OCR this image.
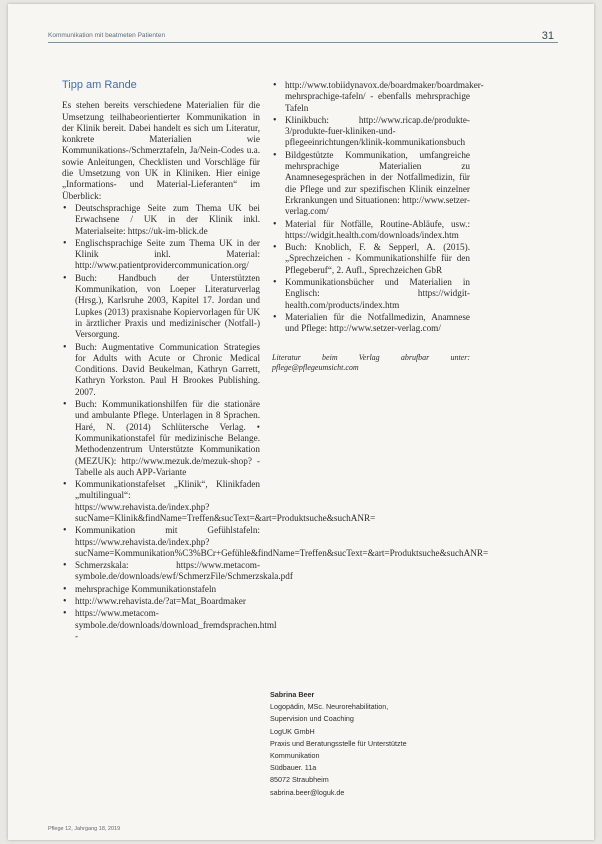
Kommunikation mit beatmeten Patienten	31
Tipp am Rande

Es stehen bereits verschiedene Materialien für die Umsetzung teilhabeorientierter Kommunikation in der Klinik bereit. Dabei handelt es sich um Literatur, konkrete Materialien wie Kommunikations-/Schmerztafeln, Ja/Nein-Codes u.a. sowie Anleitungen, Checklisten und Vorschläge für die Umsetzung von UK in Kliniken. Hier einige „Informations- und Material-Lieferanten“ im Überblick:

• Deutschsprachige Seite zum Thema UK bei Erwachsene / UK in der Klinik inkl. Materialseite: https://uk-im-blick.de
• Englischsprachige Seite zum Thema UK in der Klinik inkl. Material: http://www.patientprovidercommunication.org/
• Buch: Handbuch der Unterstützten Kommunikation, von Loeper Literaturverlag (Hrsg.), Karlsruhe 2003, Kapitel 17. Jordan und Lupkes (2013) praxisnahe Kopiervorlagen für UK in ärztlicher Praxis und medizinischer (Notfall-) Versorgung.
• Buch: Augmentative Communication Strategies for Adults with Acute or Chronic Medical Conditions. David Beukelman, Kathryn Garrett, Kathryn Yorkston. Paul H Brookes Publishing. 2007.
• Buch: Kommunikationshilfen für die stationäre und ambulante Pflege. Unterlagen in 8 Sprachen. Haré, N. (2014) Schlütersche Verlag. • Kommunikationstafel für medizinische Belange. Methodenzentrum Unterstützte Kommunikation (MEZUK): http://www.mezuk.de/mezuk-shop? - Tabelle als auch APP-Variante
• Kommunikationstafelset „Klinik“, Klinikfaden „multilingual“: https://www.rehavista.de/index.php?sucName=Klinik&findName=Treffen&sucText=&art=Produktsuche&suchANR=
• Kommunikation mit Gefühlstafeln: https://www.rehavista.de/index.php?sucName=Kommunikation%C3%BCr+Gefühle&findName=Treffen&sucText=&art=Produktsuche&suchANR=
• Schmerzskala: https://www.metacom-symbole.de/downloads/ewf/SchmerzFile/Schmerzskala.pdf
• mehrsprachige Kommunikationstafeln
• http://www.rehavista.de/?at=Mat_Boardmaker
• https://www.metacom-symbole.de/downloads/download_fremdsprachen.html -
• http://www.tobiidynavox.de/boardmaker/boardmaker-mehrsprachige-tafeln/ - ebenfalls mehrsprachige Tafeln
• Klinikbuch: http://www.ricap.de/produkte-3/produkte-fuer-kliniken-und-pflegeeinrichtungen/klinik-kommunikationsbuch
• Bildgestützte Kommunikation, umfangreiche mehrsprachige Materialien zu Anamnesegesprächen in der Notfallmedizin, für die Pflege und zur spezifischen Klinik einzelner Erkrankungen und Situationen: http://www.setzer-verlag.com/
• Material für Notfälle, Routine-Abläufe, usw.: https://widgit.health.com/downloads/index.htm
• Buch: Knoblich, F. & Sepperl, A. (2015). „Sprechzeichen - Kommunikationshilfe für den Pflegeberuf“, 2. Aufl., Sprechzeichen GbR
• Kommunikationsbücher und Materialien in Englisch: https://widgit-health.com/products/index.htm
• Materialien für die Notfallmedizin, Anamnese und Pflege: http://www.setzer-verlag.com/
Literatur beim Verlag abrufbar unter: pflege@pflegeumsicht.com
Sabrina Beer
Logopädin, MSc. Neurorehabilitation,
Supervision und Coaching
LogUK GmbH
Praxis und Beratungsstelle für Unterstützte
Kommunikation
Südbauer. 11a
85072 Straubheim
sabrina.beer@loguk.de
Pflege 12, Jahrgang 18, 2019
